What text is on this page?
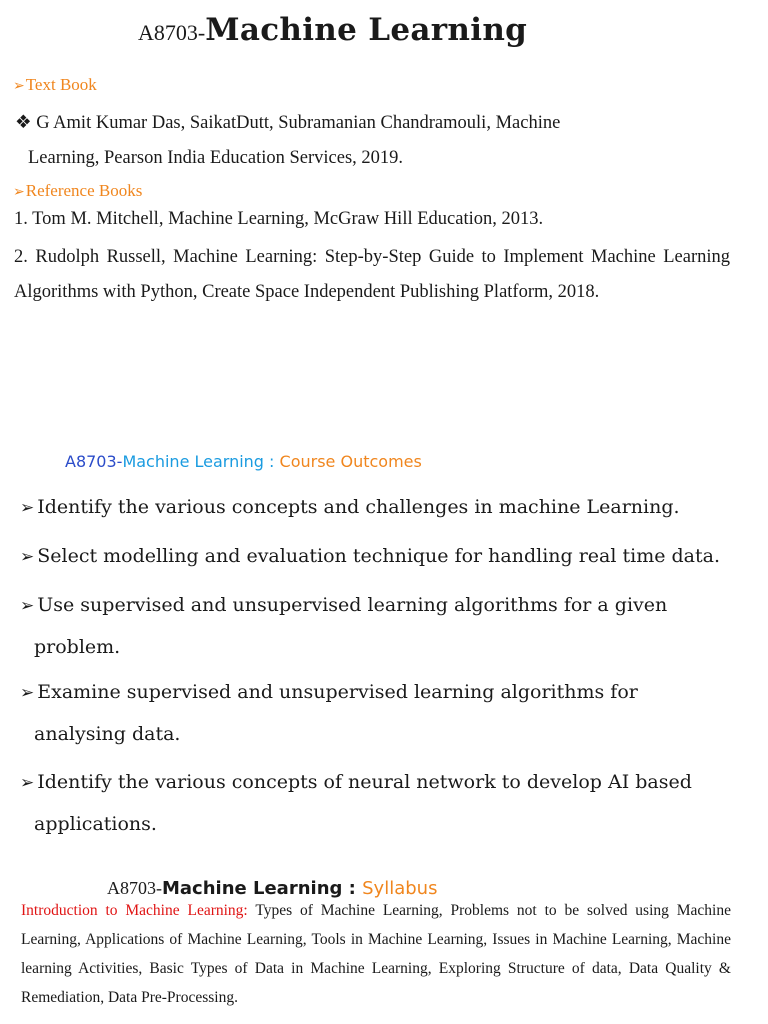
A8703-Machine Learning
➢Text Book
❖ G Amit Kumar Das, SaikatDutt, Subramanian Chandramouli, Machine
Learning, Pearson India Education Services, 2019.
➢Reference Books
1. Tom M. Mitchell, Machine Learning, McGraw Hill Education, 2013.
2. Rudolph Russell, Machine Learning: Step-by-Step Guide to Implement Machine Learning Algorithms with Python, Create Space Independent Publishing Platform, 2018.
A8703-Machine Learning : Course Outcomes
➢ Identify the various concepts and challenges in machine Learning.
➢ Select modelling and evaluation technique for handling real time data.
➢ Use supervised and unsupervised learning algorithms for a given
problem.
➢ Examine supervised and unsupervised learning algorithms for
analysing data.
➢ Identify the various concepts of neural network to develop AI based
applications.
A8703-Machine Learning : Syllabus
Introduction to Machine Learning: Types of Machine Learning, Problems not to be solved using Machine Learning, Applications of Machine Learning, Tools in Machine Learning, Issues in Machine Learning, Machine learning Activities, Basic Types of Data in Machine Learning, Exploring Structure of data, Data Quality & Remediation, Data Pre-Processing.
